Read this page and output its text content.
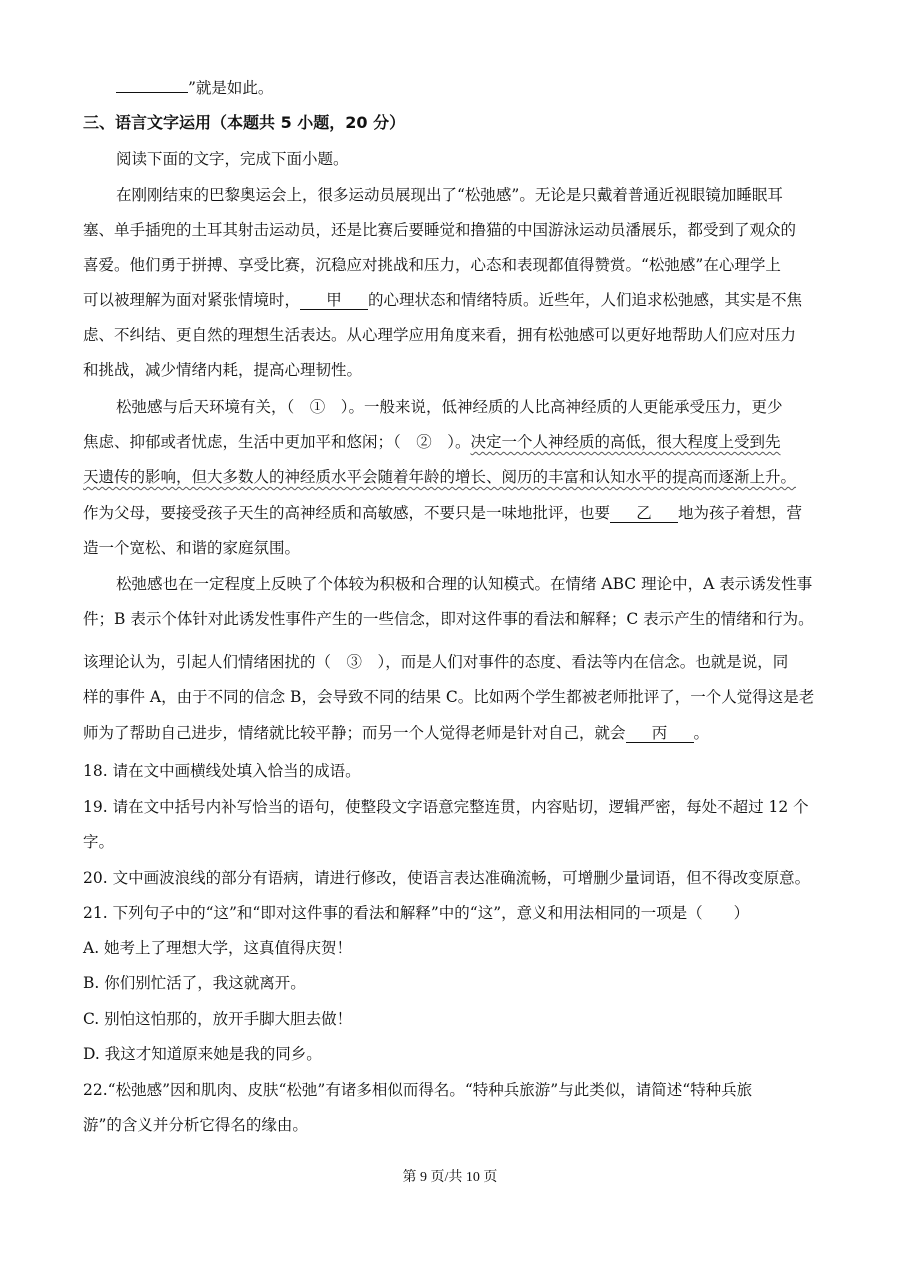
”就是如此。
三、语言文字运用（本题共 5 小题，20 分）
阅读下面的文字，完成下面小题。
在刚刚结束的巴黎奥运会上，很多运动员展现出了“松弛感”。无论是只戴着普通近视眼镜加睡眠耳
塞、单手插兜的土耳其射击运动员，还是比赛后要睡觉和撸猫的中国游泳运动员潘展乐，都受到了观众的
喜爱。他们勇于拼搏、享受比赛，沉稳应对挑战和压力，心态和表现都值得赞赏。“松弛感”在心理学上
可以被理解为面对紧张情境时， 甲 的心理状态和情绪特质。近些年，人们追求松弛感，其实是不焦
虑、不纠结、更自然的理想生活表达。从心理学应用角度来看，拥有松弛感可以更好地帮助人们应对压力
和挑战，减少情绪内耗，提高心理韧性。
松弛感与后天环境有关，（　①　）。一般来说，低神经质的人比高神经质的人更能承受压力，更少
焦虑、抑郁或者忧虑，生活中更加平和悠闲；（　②　）。决定一个人神经质的高低，很大程度上受到先
天遗传的影响，但大多数人的神经质水平会随着年龄的增长、阅历的丰富和认知水平的提高而逐渐上升。
作为父母，要接受孩子天生的高神经质和高敏感，不要只是一味地批评，也要 乙 地为孩子着想，营
造一个宽松、和谐的家庭氛围。
松弛感也在一定程度上反映了个体较为积极和合理的认知模式。在情绪 ABC 理论中，A 表示诱发性事
件；B 表示个体针对此诱发性事件产生的一些信念，即对这件事的看法和解释；C 表示产生的情绪和行为。
该理论认为，引起人们情绪困扰的（　③　），而是人们对事件的态度、看法等内在信念。也就是说，同
样的事件 A，由于不同的信念 B，会导致不同的结果 C。比如两个学生都被老师批评了，一个人觉得这是老
师为了帮助自己进步，情绪就比较平静；而另一个人觉得老师是针对自己，就会 丙 。
18. 请在文中画横线处填入恰当的成语。
19. 请在文中括号内补写恰当的语句，使整段文字语意完整连贯，内容贴切，逻辑严密，每处不超过 12 个
字。
20. 文中画波浪线的部分有语病，请进行修改，使语言表达准确流畅，可增删少量词语，但不得改变原意。
21. 下列句子中的“这”和“即对这件事的看法和解释”中的“这”，意义和用法相同的一项是（　　）
A. 她考上了理想大学，这真值得庆贺！
B. 你们别忙活了，我这就离开。
C. 别怕这怕那的，放开手脚大胆去做！
D. 我这才知道原来她是我的同乡。
22.“松弛感”因和肌肉、皮肤“松弛”有诸多相似而得名。“特种兵旅游”与此类似，请简述“特种兵旅
游”的含义并分析它得名的缘由。
第 9 页/共 10 页
